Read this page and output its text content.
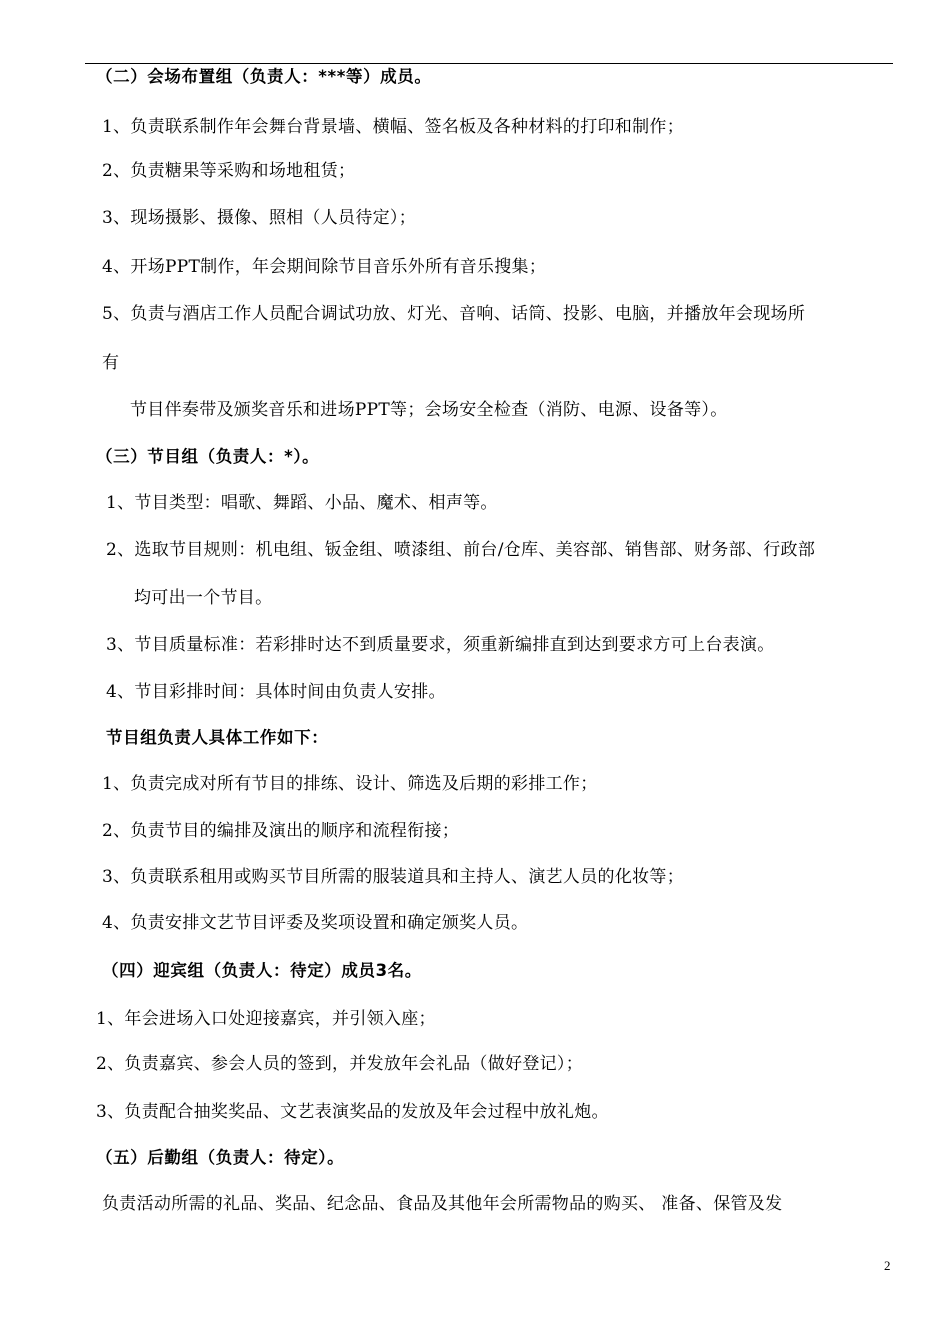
（二）会场布置组（负责人：***等）成员。
1、负责联系制作年会舞台背景墙、横幅、签名板及各种材料的打印和制作；
2、负责糖果等采购和场地租赁；
3、现场摄影、摄像、照相（人员待定）；
4、开场PPT制作，年会期间除节目音乐外所有音乐搜集；
5、负责与酒店工作人员配合调试功放、灯光、音响、话筒、投影、电脑，并播放年会现场所
有
节目伴奏带及颁奖音乐和进场PPT等；会场安全检查（消防、电源、设备等）。
（三）节目组（负责人：*）。
1、节目类型：唱歌、舞蹈、小品、魔术、相声等。
2、选取节目规则：机电组、钣金组、喷漆组、前台/仓库、美容部、销售部、财务部、行政部
均可出一个节目。
3、节目质量标准：若彩排时达不到质量要求，须重新编排直到达到要求方可上台表演。
4、节目彩排时间：具体时间由负责人安排。
节目组负责人具体工作如下：
1、负责完成对所有节目的排练、设计、筛选及后期的彩排工作；
2、负责节目的编排及演出的顺序和流程衔接；
3、负责联系租用或购买节目所需的服装道具和主持人、演艺人员的化妆等；
4、负责安排文艺节目评委及奖项设置和确定颁奖人员。
（四）迎宾组（负责人：待定）成员3名。
1、年会进场入口处迎接嘉宾，并引领入座；
2、负责嘉宾、参会人员的签到，并发放年会礼品（做好登记）；
3、负责配合抽奖奖品、文艺表演奖品的发放及年会过程中放礼炮。
（五）后勤组（负责人：待定）。
负责活动所需的礼品、奖品、纪念品、食品及其他年会所需物品的购买、 准备、保管及发
2
